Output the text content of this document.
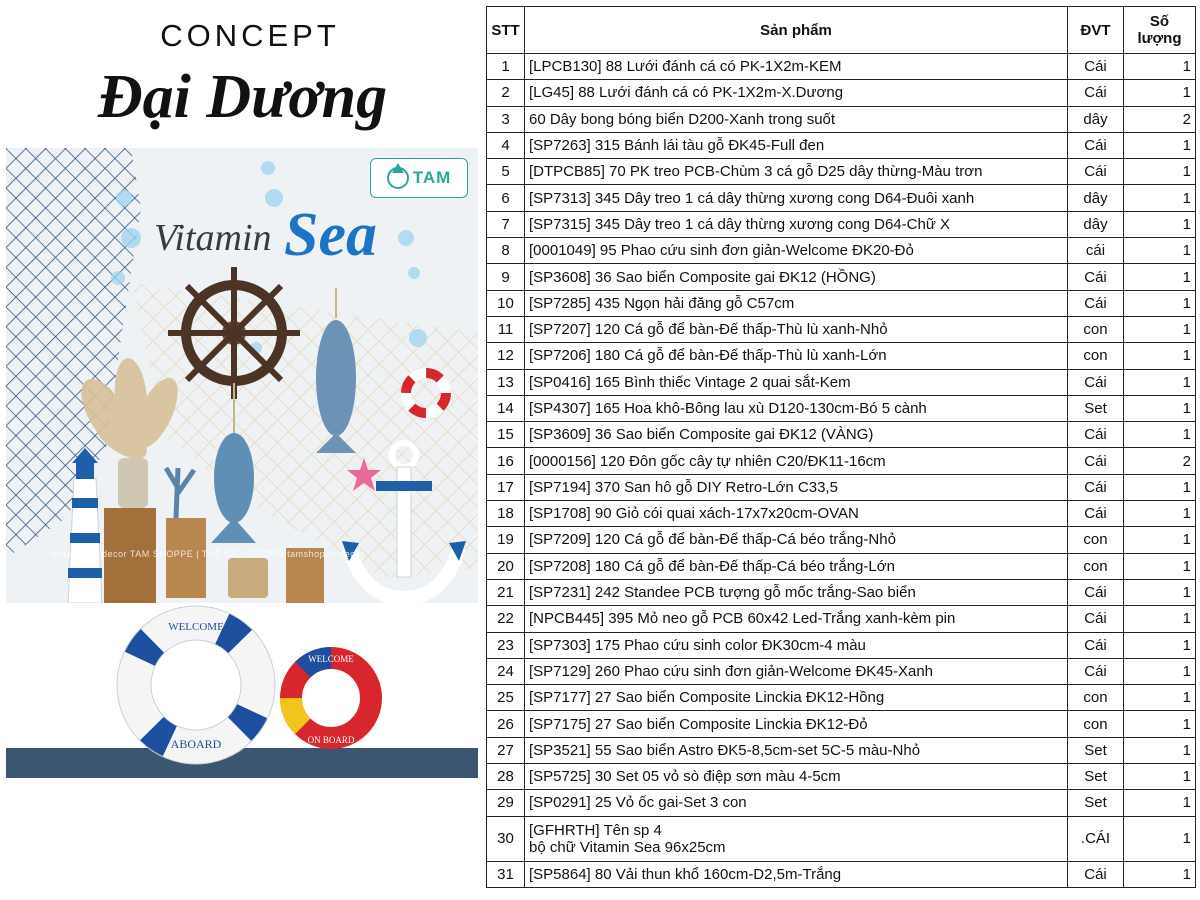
CONCEPT
Đại Dương
WELCOME
ABOARD
WELCOME
ON BOARD
TAM
Vitamin Sea
tamshoppe.decor TAM SHOPPE | THẾ GIỚI DECOR tamshoppe.decor
STT	Sản phẩm	ĐVT	Số
lượng

1	[LPCB130] 88 Lưới đánh cá có PK-1X2m-KEM	Cái	1
2	[LG45] 88 Lưới đánh cá có PK-1X2m-X.Dương	Cái	1
3	60 Dây bong bóng biển D200-Xanh trong suốt	dây	2
4	[SP7263] 315 Bánh lái tàu gỗ ĐK45-Full đen	Cái	1
5	[DTPCB85] 70 PK treo PCB-Chùm 3 cá gỗ D25 dây thừng-Màu trơn	Cái	1
6	[SP7313] 345 Dây treo 1 cá dây thừng xương cong D64-Đuôi xanh	dây	1
7	[SP7315] 345 Dây treo 1 cá dây thừng xương cong D64-Chữ X	dây	1
8	[0001049] 95 Phao cứu sinh đơn giản-Welcome ĐK20-Đỏ	cái	1
9	[SP3608] 36 Sao biển Composite gai ĐK12 (HỒNG)	Cái	1
10	[SP7285] 435 Ngọn hải đăng gỗ C57cm	Cái	1
11	[SP7207] 120 Cá gỗ để bàn-Đế thấp-Thù lù xanh-Nhỏ	con	1
12	[SP7206] 180 Cá gỗ để bàn-Đế thấp-Thù lù xanh-Lớn	con	1
13	[SP0416] 165 Bình thiếc Vintage 2 quai sắt-Kem	Cái	1
14	[SP4307] 165 Hoa khô-Bông lau xù D120-130cm-Bó 5 cành	Set	1
15	[SP3609] 36 Sao biển Composite gai ĐK12 (VÀNG)	Cái	1
16	[0000156] 120 Đôn gốc cây tự nhiên C20/ĐK11-16cm	Cái	2
17	[SP7194] 370 San hô gỗ DIY Retro-Lớn C33,5	Cái	1
18	[SP1708] 90 Giỏ cói quai xách-17x7x20cm-OVAN	Cái	1
19	[SP7209] 120 Cá gỗ để bàn-Đế thấp-Cá béo trắng-Nhỏ	con	1
20	[SP7208] 180 Cá gỗ để bàn-Đế thấp-Cá béo trắng-Lớn	con	1
21	[SP7231] 242 Standee PCB tượng gỗ mốc trắng-Sao biển	Cái	1
22	[NPCB445] 395 Mỏ neo gỗ PCB 60x42 Led-Trắng xanh-kèm pin	Cái	1
23	[SP7303] 175 Phao cứu sinh color ĐK30cm-4 màu	Cái	1
24	[SP7129] 260 Phao cứu sinh đơn giản-Welcome ĐK45-Xanh	Cái	1
25	[SP7177] 27 Sao biển Composite Linckia ĐK12-Hồng	con	1
26	[SP7175] 27 Sao biển Composite Linckia ĐK12-Đỏ	con	1
27	[SP3521] 55 Sao biển Astro ĐK5-8,5cm-set 5C-5 màu-Nhỏ	Set	1
28	[SP5725] 30 Set 05 vỏ sò điệp sơn màu 4-5cm	Set	1
29	[SP0291] 25 Vỏ ốc gai-Set 3 con	Set	1
30	[GFHRTH] Tên sp 4
bộ chữ Vitamin Sea 96x25cm	.CÁI	1
31	[SP5864] 80 Vải thun khổ 160cm-D2,5m-Trắng	Cái	1
